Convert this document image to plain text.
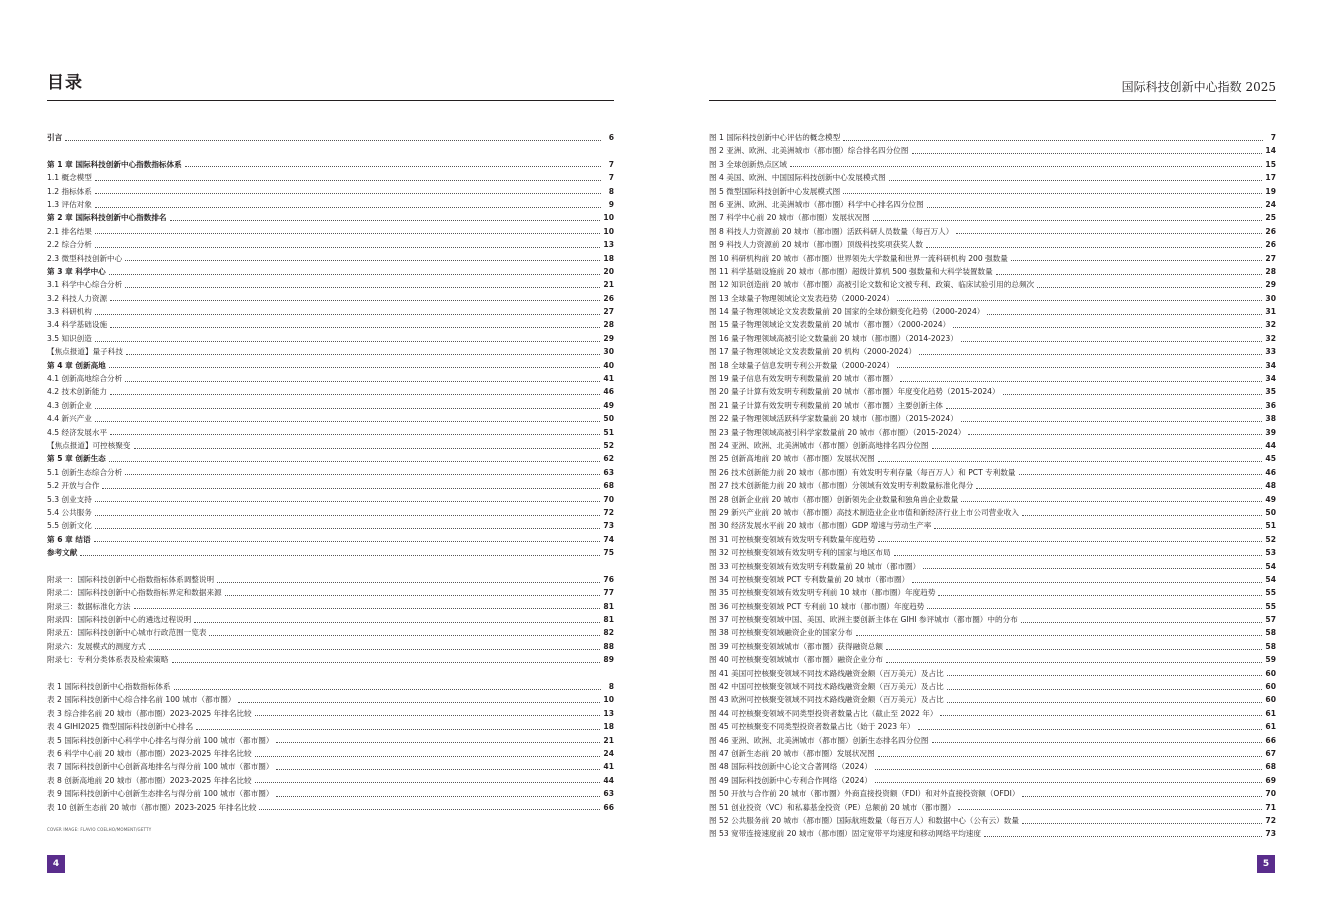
目录
引言	6
第 1 章 国际科技创新中心指数指标体系	7
1.1 概念模型	7
1.2 指标体系	8
1.3 评估对象	9
第 2 章 国际科技创新中心指数排名	10
2.1 排名结果	10
2.2 综合分析	13
2.3 微型科技创新中心	18
第 3 章 科学中心	20
3.1 科学中心综合分析	21
3.2 科技人力资源	26
3.3 科研机构	27
3.4 科学基础设施	28
3.5 知识创造	29
【焦点报道】量子科技	30
第 4 章 创新高地	40
4.1 创新高地综合分析	41
4.2 技术创新能力	46
4.3 创新企业	49
4.4 新兴产业	50
4.5 经济发展水平	51
【焦点报道】可控核聚变	52
第 5 章 创新生态	62
5.1 创新生态综合分析	63
5.2 开放与合作	68
5.3 创业支持	70
5.4 公共服务	72
5.5 创新文化	73
第 6 章 结语	74
参考文献	75
附录一：国际科技创新中心指数指标体系调整说明	76
附录二：国际科技创新中心指数指标界定和数据来源	77
附录三：数据标准化方法	81
附录四：国际科技创新中心的遴选过程说明	81
附录五：国际科技创新中心城市行政范围一览表	82
附录六：发展模式的测度方式	88
附录七：专利分类体系表及检索策略	89
表 1 国际科技创新中心指数指标体系	8
表 2 国际科技创新中心综合排名前 100 城市（都市圈）	10
表 3 综合排名前 20 城市（都市圈）2023-2025 年排名比较	13
表 4 GIHI2025 微型国际科技创新中心排名	18
表 5 国际科技创新中心科学中心排名与得分前 100 城市（都市圈）	21
表 6 科学中心前 20 城市（都市圈）2023-2025 年排名比较	24
表 7 国际科技创新中心创新高地排名与得分前 100 城市（都市圈）	41
表 8 创新高地前 20 城市（都市圈）2023-2025 年排名比较	44
表 9 国际科技创新中心创新生态排名与得分前 100 城市（都市圈）	63
表 10 创新生态前 20 城市（都市圈）2023-2025 年排名比较	66
COVER IMAGE: FLAVIO COELHO/MOMENT/GETTY
4
国际科技创新中心指数 2025
图 1 国际科技创新中心评估的概念模型	7
图 2 亚洲、欧洲、北美洲城市（都市圈）综合排名四分位图	14
图 3 全球创新热点区域	15
图 4 美国、欧洲、中国国际科技创新中心发展模式图	17
图 5 微型国际科技创新中心发展模式图	19
图 6 亚洲、欧洲、北美洲城市（都市圈）科学中心排名四分位图	24
图 7 科学中心前 20 城市（都市圈）发展状况图	25
图 8 科技人力资源前 20 城市（都市圈）活跃科研人员数量（每百万人）	26
图 9 科技人力资源前 20 城市（都市圈）顶级科技奖项获奖人数	26
图 10 科研机构前 20 城市（都市圈）世界领先大学数量和世界一流科研机构 200 强数量	27
图 11 科学基础设施前 20 城市（都市圈）超级计算机 500 强数量和大科学装置数量	28
图 12 知识创造前 20 城市（都市圈）高被引论文数和论文被专利、政策、临床试验引用的总频次	29
图 13 全球量子物理领域论文发表趋势（2000-2024）	30
图 14 量子物理领域论文发表数量前 20 国家的全球份额变化趋势（2000-2024）	31
图 15 量子物理领域论文发表数量前 20 城市（都市圈）（2000-2024）	32
图 16 量子物理领域高被引论文数量前 20 城市（都市圈）（2014-2023）	32
图 17 量子物理领域论文发表数量前 20 机构（2000-2024）	33
图 18 全球量子信息发明专利公开数量（2000-2024）	34
图 19 量子信息有效发明专利数量前 20 城市（都市圈）	34
图 20 量子计算有效发明专利数量前 20 城市（都市圈）年度变化趋势（2015-2024）	35
图 21 量子计算有效发明专利数量前 20 城市（都市圈）主要创新主体	36
图 22 量子物理领域活跃科学家数量前 20 城市（都市圈）（2015-2024）	38
图 23 量子物理领域高被引科学家数量前 20 城市（都市圈）（2015-2024）	39
图 24 亚洲、欧洲、北美洲城市（都市圈）创新高地排名四分位图	44
图 25 创新高地前 20 城市（都市圈）发展状况图	45
图 26 技术创新能力前 20 城市（都市圈）有效发明专利存量（每百万人）和 PCT 专利数量	46
图 27 技术创新能力前 20 城市（都市圈）分领域有效发明专利数量标准化得分	48
图 28 创新企业前 20 城市（都市圈）创新领先企业数量和独角兽企业数量	49
图 29 新兴产业前 20 城市（都市圈）高技术制造业企业市值和新经济行业上市公司营业收入	50
图 30 经济发展水平前 20 城市（都市圈）GDP 增速与劳动生产率	51
图 31 可控核聚变领域有效发明专利数量年度趋势	52
图 32 可控核聚变领域有效发明专利的国家与地区布局	53
图 33 可控核聚变领域有效发明专利数量前 20 城市（都市圈）	54
图 34 可控核聚变领域 PCT 专利数量前 20 城市（都市圈）	54
图 35 可控核聚变领域有效发明专利前 10 城市（都市圈）年度趋势	55
图 36 可控核聚变领域 PCT 专利前 10 城市（都市圈）年度趋势	55
图 37 可控核聚变领域中国、美国、欧洲主要创新主体在 GIHI 参评城市（都市圈）中的分布	57
图 38 可控核聚变领域融资企业的国家分布	58
图 39 可控核聚变领域城市（都市圈）获得融资总额	58
图 40 可控核聚变领域城市（都市圈）融资企业分布	59
图 41 美国可控核聚变领域不同技术路线融资金额（百万美元）及占比	60
图 42 中国可控核聚变领域不同技术路线融资金额（百万美元）及占比	60
图 43 欧洲可控核聚变领域不同技术路线融资金额（百万美元）及占比	60
图 44 可控核聚变领域不同类型投资者数量占比（截止至 2022 年）	61
图 45 可控核聚变不同类型投资者数量占比（始于 2023 年）	61
图 46 亚洲、欧洲、北美洲城市（都市圈）创新生态排名四分位图	66
图 47 创新生态前 20 城市（都市圈）发展状况图	67
图 48 国际科技创新中心论文合著网络（2024）	68
图 49 国际科技创新中心专利合作网络（2024）	69
图 50 开放与合作前 20 城市（都市圈）外商直接投资额（FDI）和对外直接投资额（OFDI）	70
图 51 创业投资（VC）和私募基金投资（PE）总额前 20 城市（都市圈）	71
图 52 公共服务前 20 城市（都市圈）国际航班数量（每百万人）和数据中心（公有云）数量	72
图 53 宽带连接速度前 20 城市（都市圈）固定宽带平均速度和移动网络平均速度	73
5
